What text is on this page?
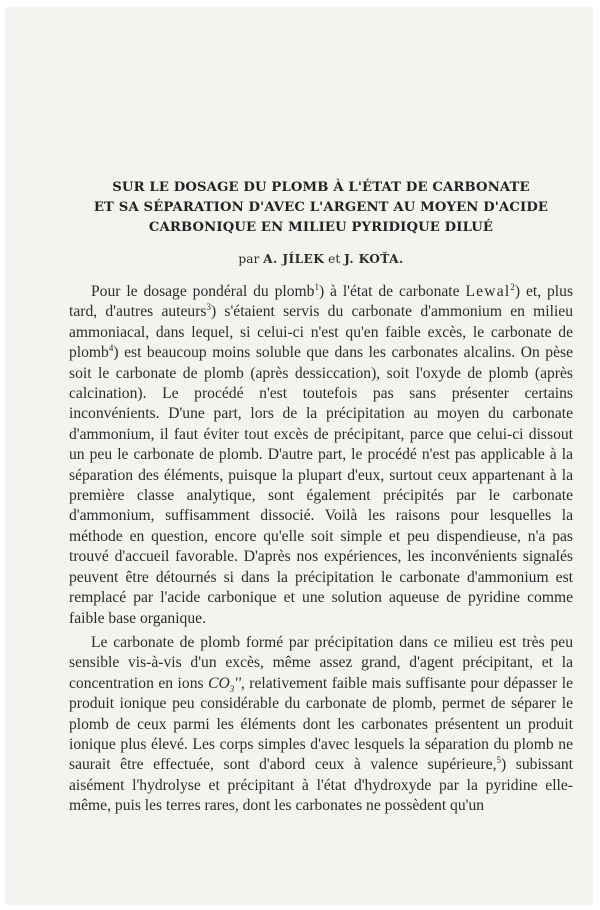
SUR LE DOSAGE DU PLOMB À L'ÉTAT DE CARBONATE
ET SA SÉPARATION D'AVEC L'ARGENT AU MOYEN D'ACIDE
CARBONIQUE EN MILIEU PYRIDIQUE DILUÉ
par A. JÍLEK et J. KOŤA.

Pour le dosage pondéral du plomb$^1$) à l'état de carbonate Lewal$^2$) et, plus tard, d'autres auteurs$^3$) s'étaient servis du carbonate d'ammonium en milieu ammoniacal, dans lequel, si celui-ci n'est qu'en faible excès, le carbonate de plomb$^4$) est beaucoup moins soluble que dans les carbonates alcalins. On pèse soit le carbonate de plomb (après dessiccation), soit l'oxyde de plomb (après calcination). Le procédé n'est toutefois pas sans présenter certains inconvénients. D'une part, lors de la précipitation au moyen du carbonate d'ammonium, il faut éviter tout excès de précipitant, parce que celui-ci dissout un peu le carbonate de plomb. D'autre part, le procédé n'est pas applicable à la séparation des éléments, puisque la plupart d'eux, surtout ceux appartenant à la première classe analytique, sont également précipités par le carbonate d'ammonium, suffisamment dissocié. Voilà les raisons pour lesquelles la méthode en question, encore qu'elle soit simple et peu dispendieuse, n'a pas trouvé d'accueil favorable. D'après nos expériences, les inconvénients signalés peuvent être détournés si dans la précipitation le carbonate d'ammonium est remplacé par l'acide carbonique et une solution aqueuse de pyridine comme faible base organique.

Le carbonate de plomb formé par précipitation dans ce milieu est très peu sensible vis-à-vis d'un excès, même assez grand, d'agent précipitant, et la concentration en ions $CO_3''$, relativement faible mais suffisante pour dépasser le produit ionique peu considérable du carbonate de plomb, permet de séparer le plomb de ceux parmi les éléments dont les carbonates présentent un produit ionique plus élevé. Les corps simples d'avec lesquels la séparation du plomb ne saurait être effectuée, sont d'abord ceux à valence supérieure,$^5$) subissant aisément l'hydrolyse et précipitant à l'état d'hydroxyde par la pyridine elle-même, puis les terres rares, dont les carbonates ne possèdent qu'un
